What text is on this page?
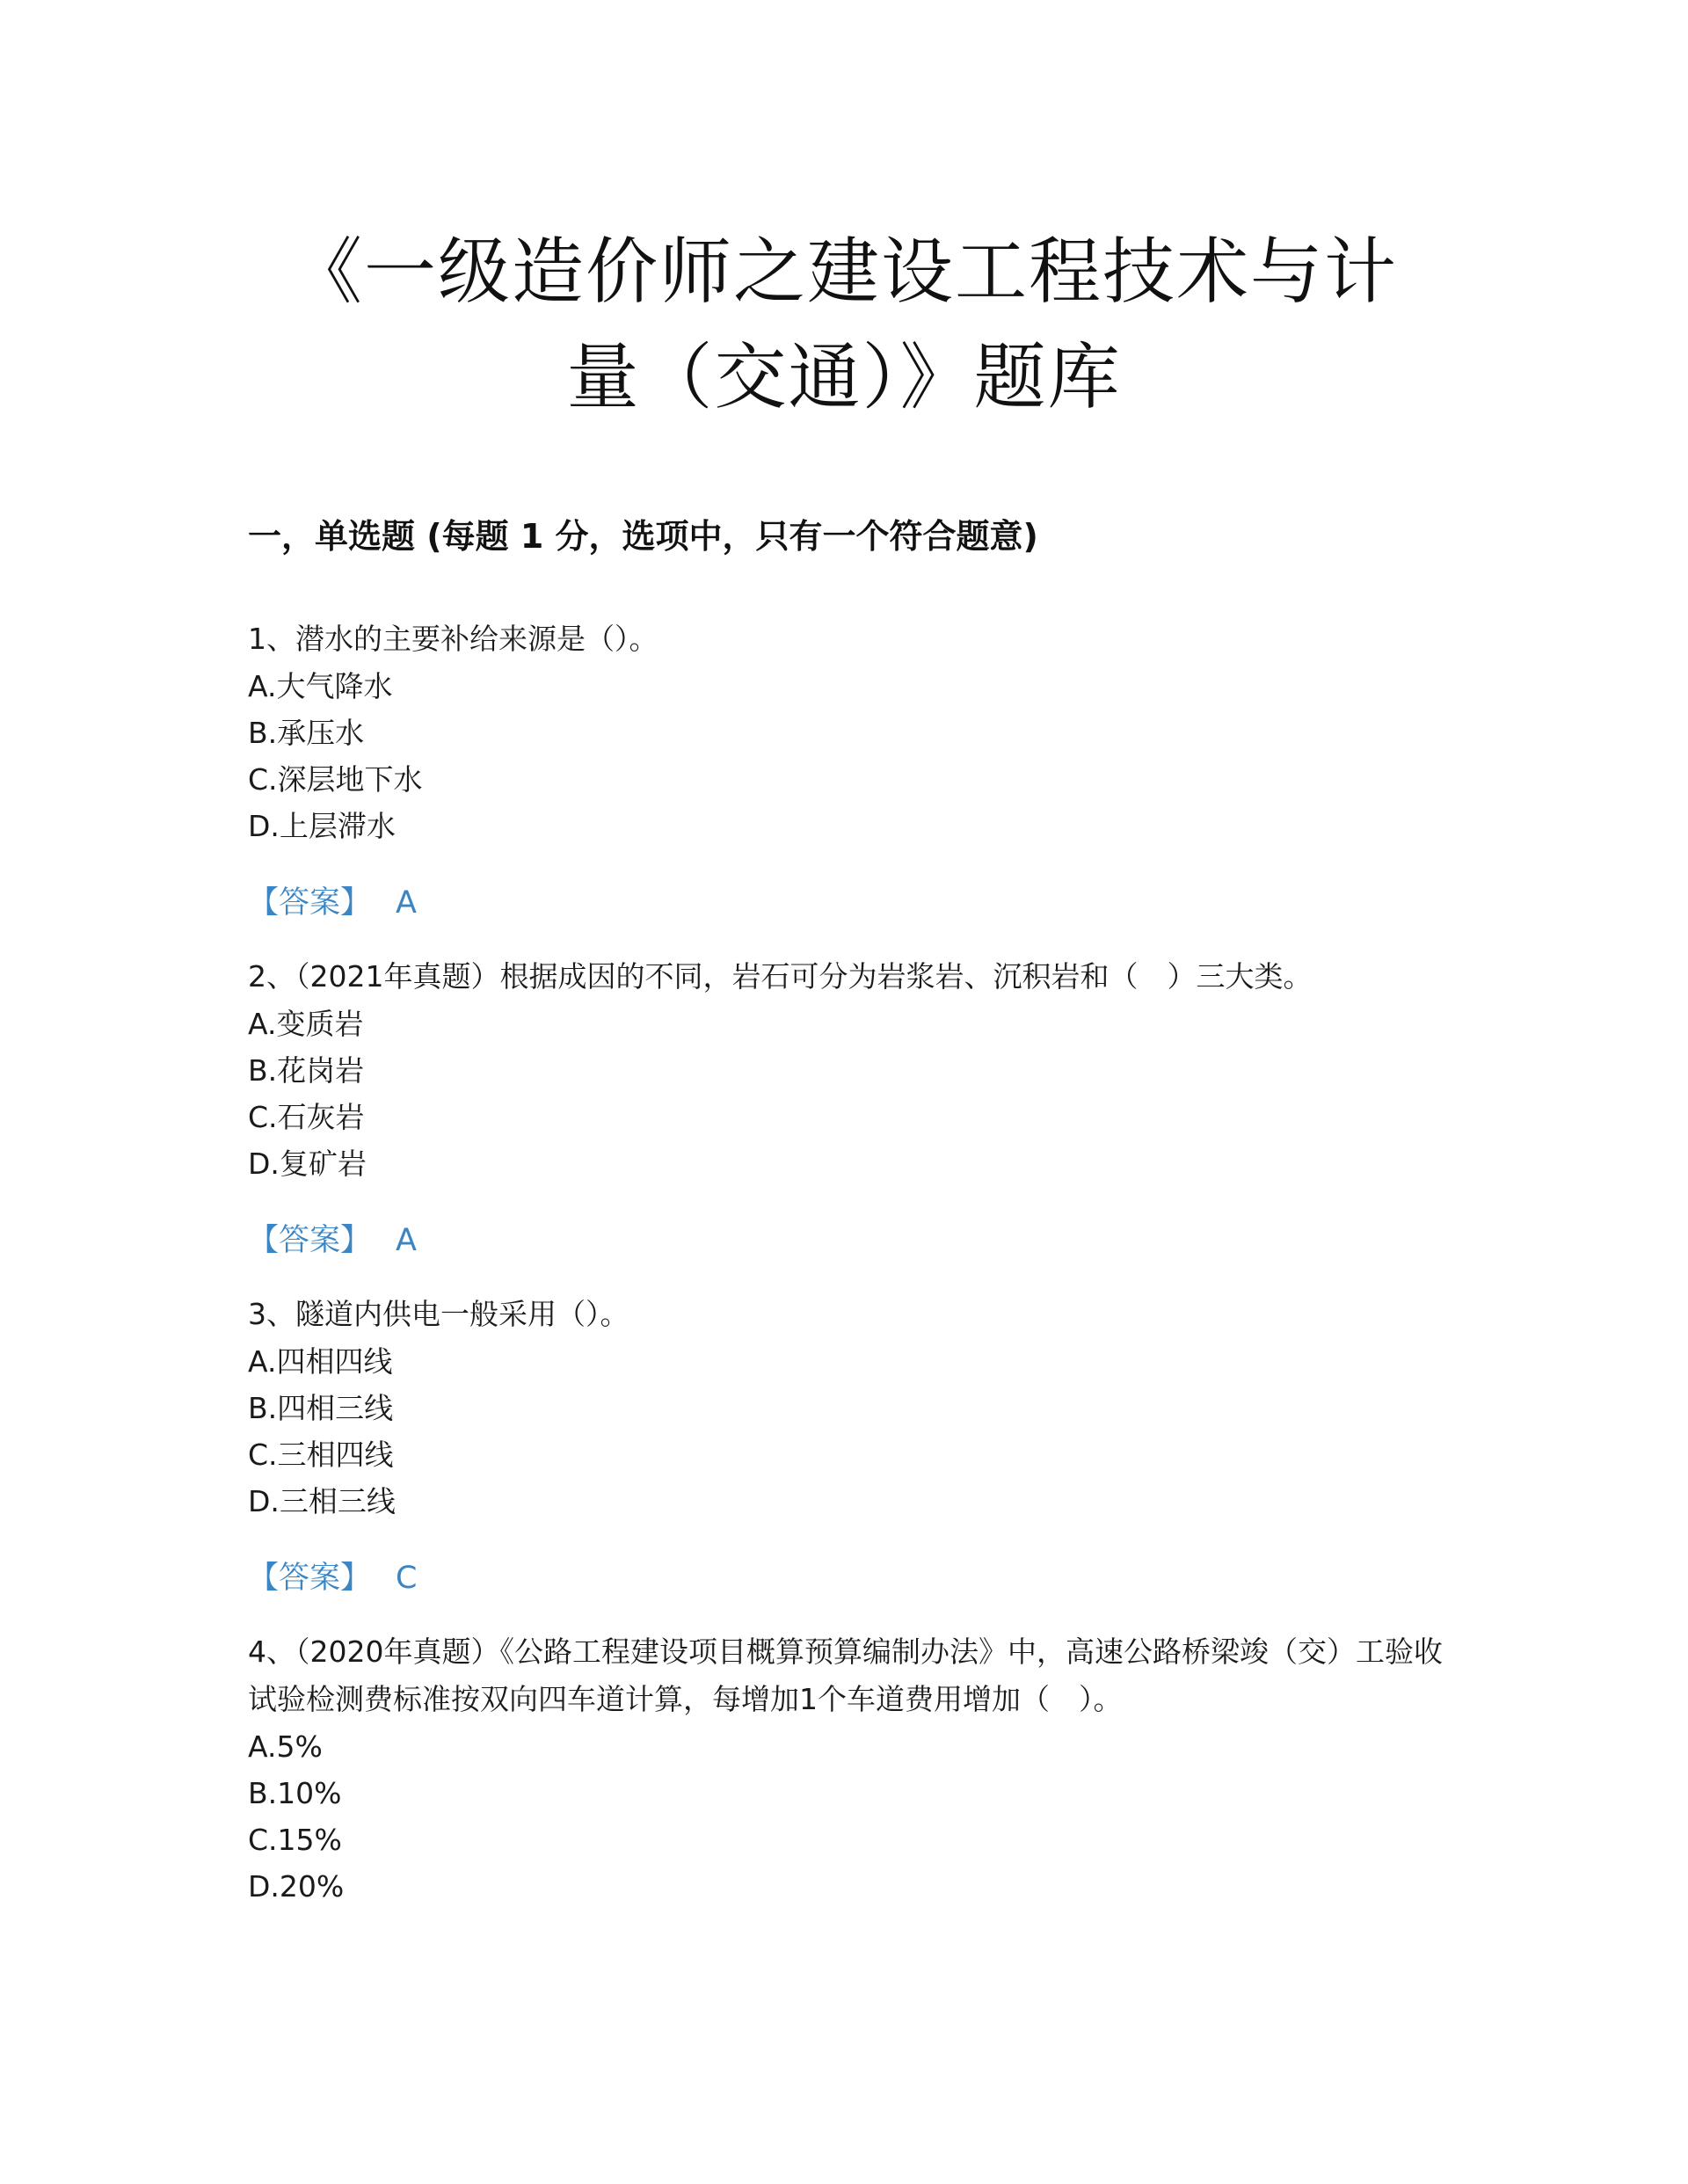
《一级造价师之建设工程技术与计量（交通）》题库
一，单选题 (每题 1 分，选项中，只有一个符合题意)

1、潜水的主要补给来源是（）。

A.大气降水

B.承压水

C.深层地下水

D.上层滞水

【答案】 A

2、（2021年真题）根据成因的不同，岩石可分为岩浆岩、沉积岩和（　）三大类。

A.变质岩

B.花岗岩

C.石灰岩

D.复矿岩

【答案】 A

3、隧道内供电一般采用（）。

A.四相四线

B.四相三线

C.三相四线

D.三相三线

【答案】 C

4、（2020年真题）《公路工程建设项目概算预算编制办法》中，高速公路桥梁竣（交）工验收试验检测费标准按双向四车道计算，每增加1个车道费用增加（　）。

A.5%

B.10%

C.15%

D.20%
